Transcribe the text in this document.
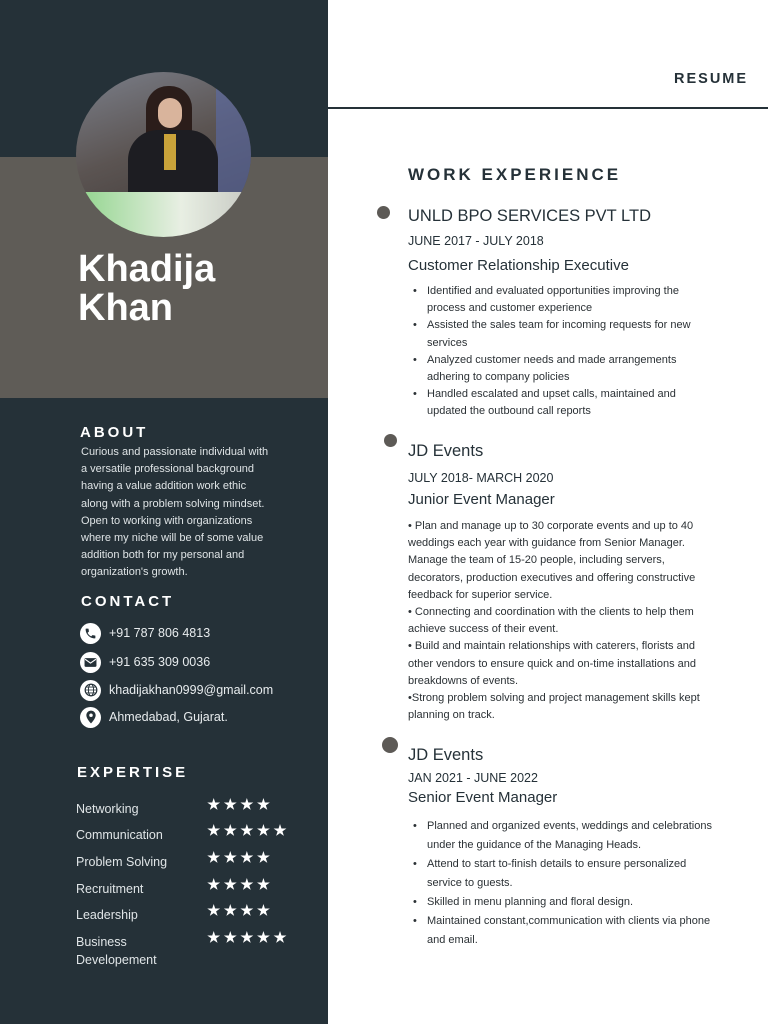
Khadija
Khan
ABOUT
Curious and passionate individual with
a versatile professional background
having a value addition work ethic
along with a problem solving mindset.
Open to working with organizations
where my niche will be of some value
addition both for my personal and
organization's growth.
CONTACT
+91 787 806 4813
+91 635 309 0036
khadijakhan0999@gmail.com
Ahmedabad, Gujarat.
EXPERTISE
Networking
Communication
Problem Solving
Recruitment
Leadership
Business
Developement
RESUME
WORK EXPERIENCE
UNLD BPO SERVICES PVT LTD
JUNE 2017 - JULY 2018
Customer Relationship Executive
• Identified and evaluated opportunities improving the
process and customer experience
• Assisted the sales team for incoming requests for new
services
• Analyzed customer needs and made arrangements
adhering to company policies
• Handled escalated and upset calls, maintained and
updated the outbound call reports
JD Events
JULY 2018- MARCH 2020
Junior Event Manager
• Plan and manage up to 30 corporate events and up to 40
weddings each year with guidance from Senior Manager.
Manage the team of 15-20 people, including servers,
decorators, production executives and offering constructive
feedback for superior service.
• Connecting and coordination with the clients to help them
achieve success of their event.
• Build and maintain relationships with caterers, florists and
other vendors to ensure quick and on-time installations and
breakdowns of events.
•Strong problem solving and project management skills kept
planning on track.
JD Events
JAN 2021 - JUNE 2022
Senior Event Manager
• Planned and organized events, weddings and celebrations
under the guidance of the Managing Heads.
• Attend to start to-finish details to ensure personalized
service to guests.
• Skilled in menu planning and floral design.
• Maintained constant,communication with clients via phone
and email.
